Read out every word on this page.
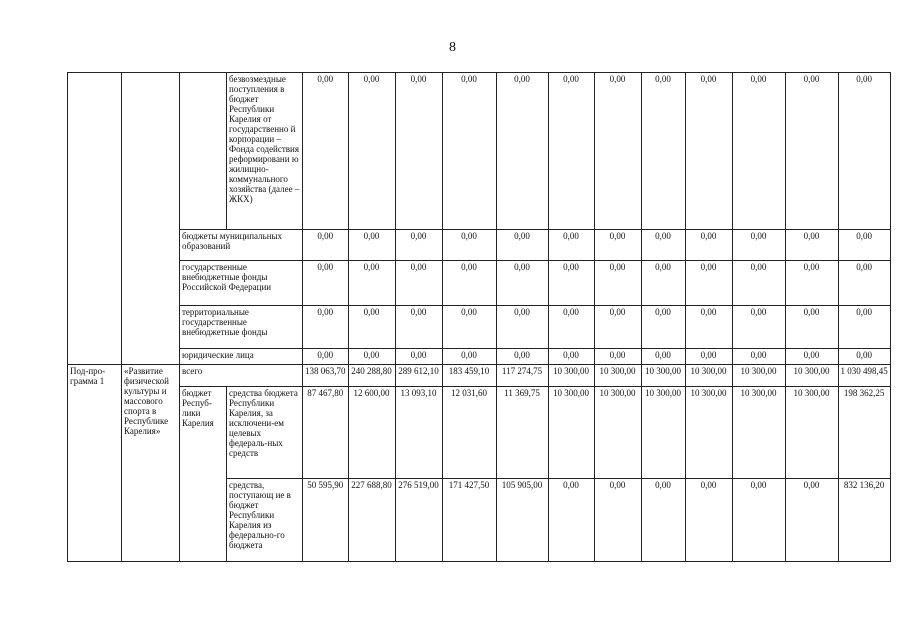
8
			безвозмездные поступления в бюджет Республики Карелия от государственно й корпорации – Фонда содействия реформировани ю жилищно-коммунального хозяйства (далее – ЖКХ)	0,00	0,00	0,00	0,00	0,00	0,00	0,00	0,00	0,00	0,00	0,00	0,00
		бюджеты муниципальных образований		0,00	0,00	0,00	0,00	0,00	0,00	0,00	0,00	0,00	0,00	0,00	0,00
		государственные внебюджетные фонды Российской Федерации		0,00	0,00	0,00	0,00	0,00	0,00	0,00	0,00	0,00	0,00	0,00	0,00
		территориальные государственные внебюджетные фонды		0,00	0,00	0,00	0,00	0,00	0,00	0,00	0,00	0,00	0,00	0,00	0,00
		юридические лица		0,00	0,00	0,00	0,00	0,00	0,00	0,00	0,00	0,00	0,00	0,00	0,00
Под-про-грамма 1	«Развитие физической культуры и массового спорта в Республике Карелия»	всего		138 063,70	240 288,80	289 612,10	183 459,10	117 274,75	10 300,00	10 300,00	10 300,00	10 300,00	10 300,00	10 300,00	1 030 498,45
		бюджет Респуб-лики Карелия	средства бюджета Республики Карелия, за исключени-ем целевых федераль-ных средств	87 467,80	12 600,00	13 093,10	12 031,60	11 369,75	10 300,00	10 300,00	10 300,00	10 300,00	10 300,00	10 300,00	198 362,25
			средства, поступающ ие в бюджет Республики Карелия из федерально-го бюджета	50 595,90	227 688,80	276 519,00	171 427,50	105 905,00	0,00	0,00	0,00	0,00	0,00	0,00	832 136,20
